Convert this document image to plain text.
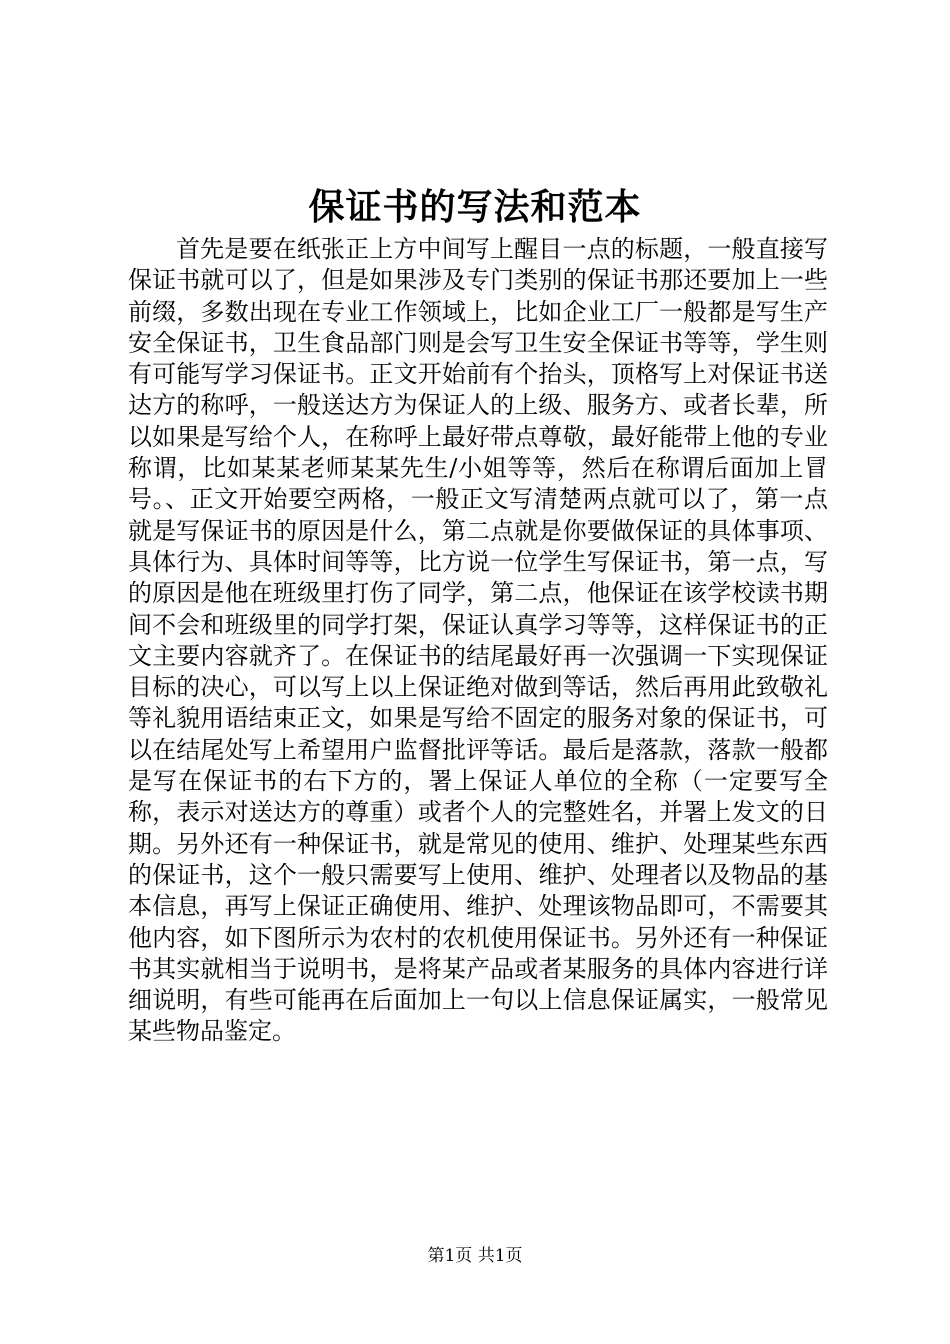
保证书的写法和范本

首先是要在纸张正上方中间写上醒目一点的标题，一般直接写保证书就可以了，但是如果涉及专门类别的保证书那还要加上一些前缀，多数出现在专业工作领域上，比如企业工厂一般都是写生产安全保证书，卫生食品部门则是会写卫生安全保证书等等，学生则有可能写学习保证书。正文开始前有个抬头，顶格写上对保证书送达方的称呼，一般送达方为保证人的上级、服务方、或者长辈，所以如果是写给个人，在称呼上最好带点尊敬，最好能带上他的专业称谓，比如某某老师某某先生/小姐等等，然后在称谓后面加上冒号。、正文开始要空两格，一般正文写清楚两点就可以了，第一点就是写保证书的原因是什么，第二点就是你要做保证的具体事项、具体行为、具体时间等等，比方说一位学生写保证书，第一点，写的原因是他在班级里打伤了同学，第二点，他保证在该学校读书期间不会和班级里的同学打架，保证认真学习等等，这样保证书的正文主要内容就齐了。在保证书的结尾最好再一次强调一下实现保证目标的决心，可以写上以上保证绝对做到等话，然后再用此致敬礼等礼貌用语结束正文，如果是写给不固定的服务对象的保证书，可以在结尾处写上希望用户监督批评等话。最后是落款，落款一般都是写在保证书的右下方的，署上保证人单位的全称（一定要写全称，表示对送达方的尊重）或者个人的完整姓名，并署上发文的日期。另外还有一种保证书，就是常见的使用、维护、处理某些东西的保证书，这个一般只需要写上使用、维护、处理者以及物品的基本信息，再写上保证正确使用、维护、处理该物品即可，不需要其他内容，如下图所示为农村的农机使用保证书。另外还有一种保证书其实就相当于说明书，是将某产品或者某服务的具体内容进行详细说明，有些可能再在后面加上一句以上信息保证属实，一般常见某些物品鉴定。

第1页 共1页
